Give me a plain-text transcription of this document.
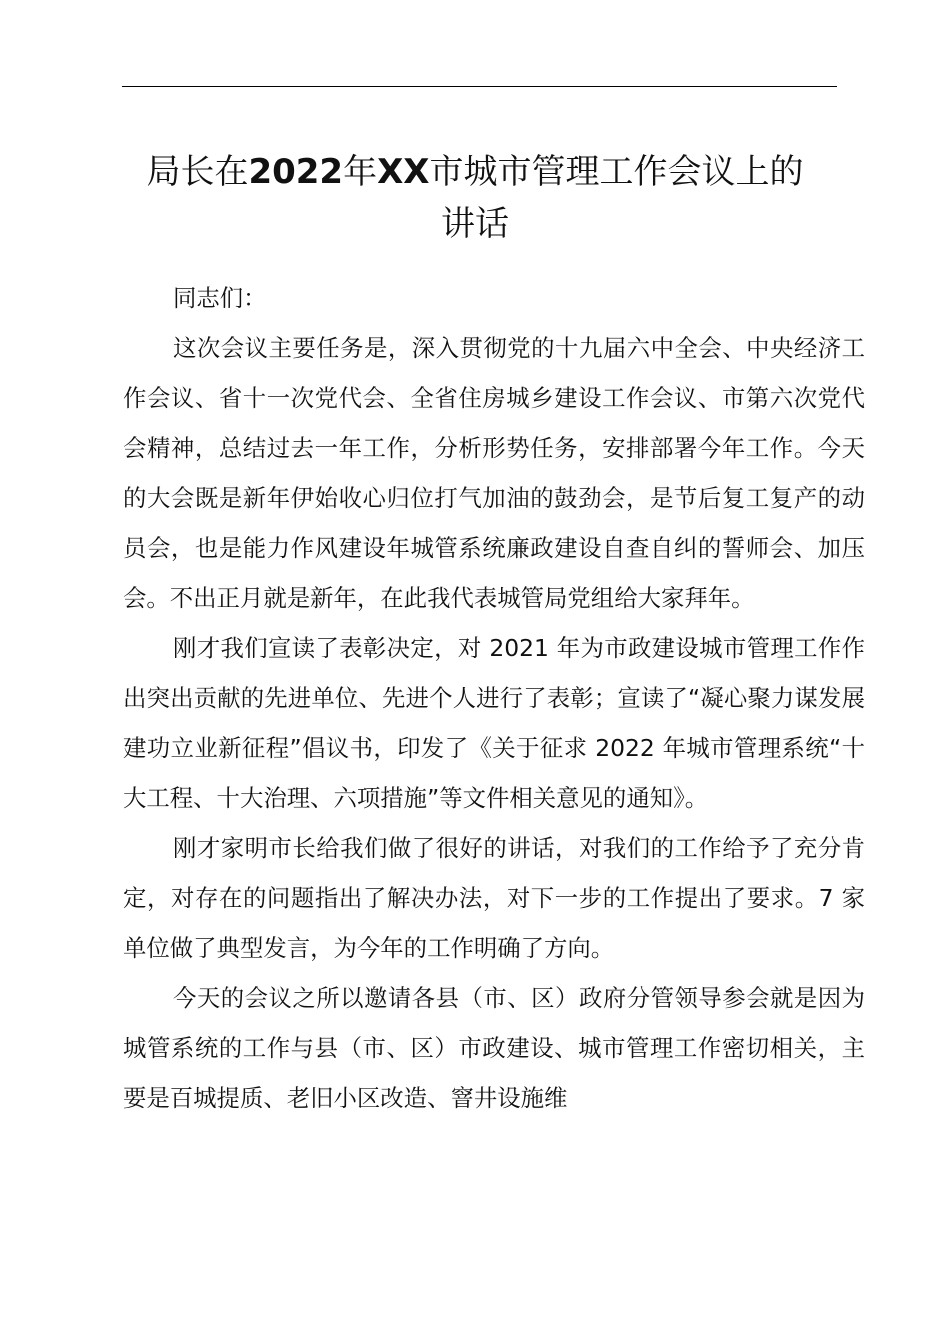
局长在2022年XX市城市管理工作会议上的
讲话

同志们：

这次会议主要任务是，深入贯彻党的十九届六中全会、中央经济工作会议、省十一次党代会、全省住房城乡建设工作会议、市第六次党代会精神，总结过去一年工作，分析形势任务，安排部署今年工作。今天的大会既是新年伊始收心归位打气加油的鼓劲会，是节后复工复产的动员会，也是能力作风建设年城管系统廉政建设自查自纠的誓师会、加压会。不出正月就是新年，在此我代表城管局党组给大家拜年。

刚才我们宣读了表彰决定，对 2021 年为市政建设城市管理工作作出突出贡献的先进单位、先进个人进行了表彰；宣读了“凝心聚力谋发展建功立业新征程”倡议书，印发了《关于征求 2022 年城市管理系统“十大工程、十大治理、六项措施”等文件相关意见的通知》。

刚才家明市长给我们做了很好的讲话，对我们的工作给予了充分肯定，对存在的问题指出了解决办法，对下一步的工作提出了要求。7 家单位做了典型发言，为今年的工作明确了方向。

今天的会议之所以邀请各县（市、区）政府分管领导参会就是因为城管系统的工作与县（市、区）市政建设、城市管理工作密切相关，主要是百城提质、老旧小区改造、窨井设施维
